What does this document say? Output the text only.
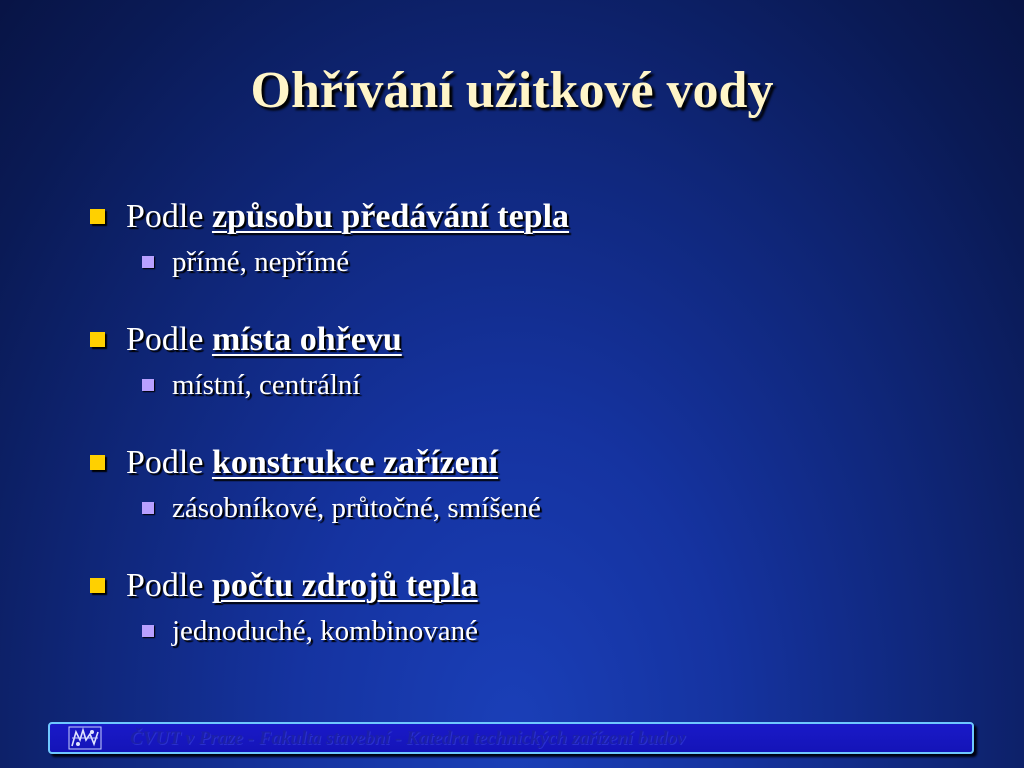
Ohřívání užitkové vody
Podle způsobu předávání tepla
přímé, nepřímé
Podle místa ohřevu
místní, centrální
Podle konstrukce zařízení
zásobníkové, průtočné, smíšené
Podle počtu zdrojů tepla
jednoduché, kombinované
ČVUT v Praze - Fakulta stavební - Katedra technických zařízení budov
